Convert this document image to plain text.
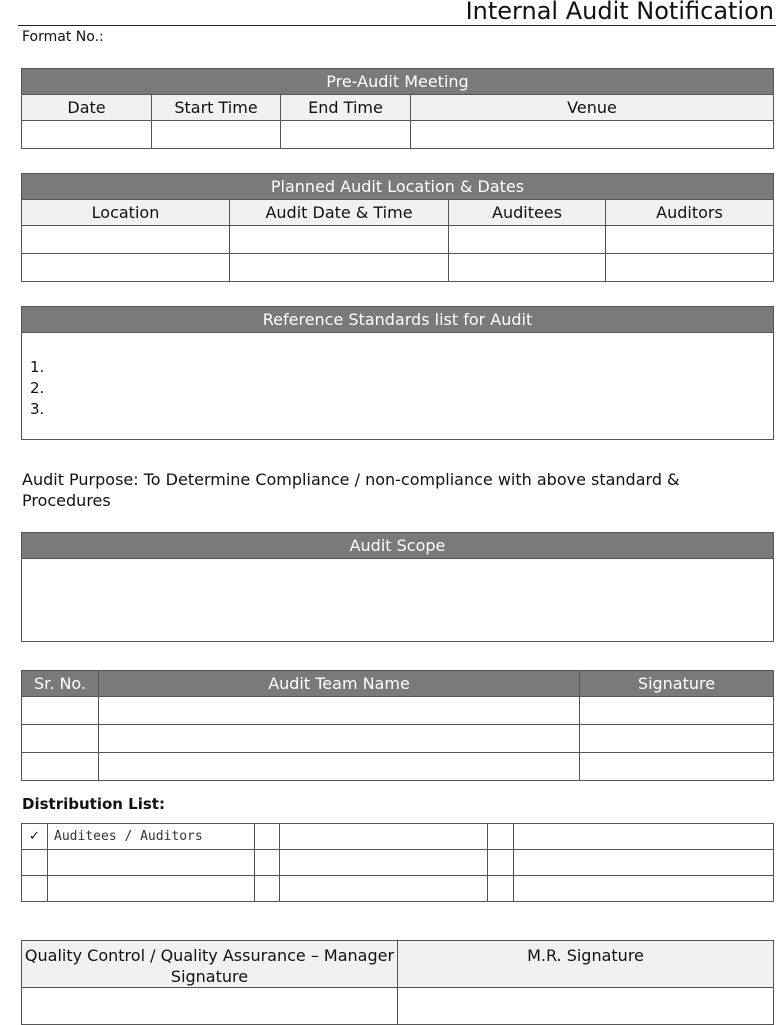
Internal Audit Notification
Format No.:
Pre-Audit Meeting			
Date	Start Time	End Time	Venue

Planned Audit Location & Dates			
Location	Audit Date & Time	Auditees	Auditors

Reference Standards list for Audit

1.
2.
3.
Audit Purpose: To Determine Compliance / non-compliance with above standard & Procedures
Audit Scope

Sr. No.	Audit Team Name	Signature

Distribution List:
✓	Auditees / Auditors				

Quality Control / Quality Assurance – Manager Signature	M.R. Signature
